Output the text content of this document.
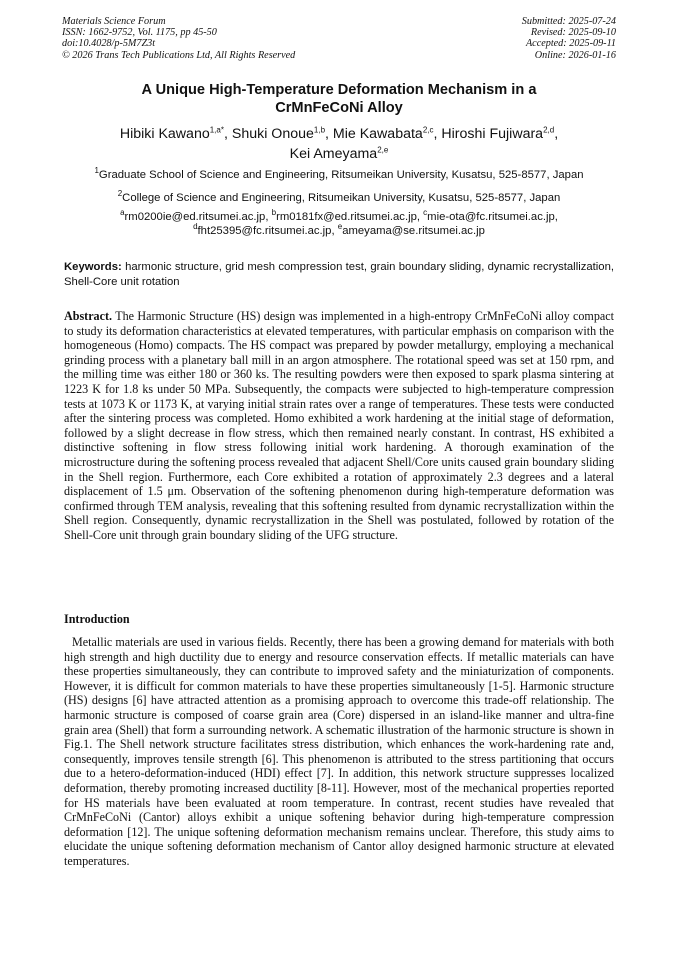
Materials Science Forum
ISSN: 1662-9752, Vol. 1175, pp 45-50
doi:10.4028/p-5M7Z3t
© 2026 Trans Tech Publications Ltd, All Rights Reserved
Submitted: 2025-07-24
Revised: 2025-09-10
Accepted: 2025-09-11
Online: 2026-01-16
A Unique High-Temperature Deformation Mechanism in a
CrMnFeCoNi Alloy
Hibiki Kawano$^{1,a*}$, Shuki Onoue$^{1,b}$, Mie Kawabata$^{2,c}$, Hiroshi Fujiwara$^{2,d}$,
Kei Ameyama$^{2,e}$
$^1$Graduate School of Science and Engineering, Ritsumeikan University, Kusatsu, 525-8577, Japan
$^2$College of Science and Engineering, Ritsumeikan University, Kusatsu, 525-8577, Japan
$^a$rm0200ie@ed.ritsumei.ac.jp, $^b$rm0181fx@ed.ritsumei.ac.jp, $^c$mie-ota@fc.ritsumei.ac.jp,
$^d$fht25395@fc.ritsumei.ac.jp, $^e$ameyama@se.ritsumei.ac.jp
Keywords: harmonic structure, grid mesh compression test, grain boundary sliding, dynamic recrystallization, Shell-Core unit rotation
Abstract. The Harmonic Structure (HS) design was implemented in a high-entropy CrMnFeCoNi alloy compact to study its deformation characteristics at elevated temperatures, with particular emphasis on comparison with the homogeneous (Homo) compacts. The HS compact was prepared by powder metallurgy, employing a mechanical grinding process with a planetary ball mill in an argon atmosphere. The rotational speed was set at 150 rpm, and the milling time was either 180 or 360 ks. The resulting powders were then exposed to spark plasma sintering at 1223 K for 1.8 ks under 50 MPa. Subsequently, the compacts were subjected to high-temperature compression tests at 1073 K or 1173 K, at varying initial strain rates over a range of temperatures. These tests were conducted after the sintering process was completed. Homo exhibited a work hardening at the initial stage of deformation, followed by a slight decrease in flow stress, which then remained nearly constant. In contrast, HS exhibited a distinctive softening in flow stress following initial work hardening. A thorough examination of the microstructure during the softening process revealed that adjacent Shell/Core units caused grain boundary sliding in the Shell region. Furthermore, each Core exhibited a rotation of approximately 2.3 degrees and a lateral displacement of 1.5 μm. Observation of the softening phenomenon during high-temperature deformation was confirmed through TEM analysis, revealing that this softening resulted from dynamic recrystallization within the Shell region. Consequently, dynamic recrystallization in the Shell was postulated, followed by rotation of the Shell-Core unit through grain boundary sliding of the UFG structure.
Introduction
Metallic materials are used in various fields. Recently, there has been a growing demand for materials with both high strength and high ductility due to energy and resource conservation effects. If metallic materials can have these properties simultaneously, they can contribute to improved safety and the miniaturization of components. However, it is difficult for common materials to have these properties simultaneously [1-5]. Harmonic structure (HS) designs [6] have attracted attention as a promising approach to overcome this trade-off relationship. The harmonic structure is composed of coarse grain area (Core) dispersed in an island-like manner and ultra-fine grain area (Shell) that form a surrounding network. A schematic illustration of the harmonic structure is shown in Fig.1. The Shell network structure facilitates stress distribution, which enhances the work-hardening rate and, consequently, improves tensile strength [6]. This phenomenon is attributed to the stress partitioning that occurs due to a hetero-deformation-induced (HDI) effect [7]. In addition, this network structure suppresses localized deformation, thereby promoting increased ductility [8-11]. However, most of the mechanical properties reported for HS materials have been evaluated at room temperature. In contrast, recent studies have revealed that CrMnFeCoNi (Cantor) alloys exhibit a unique softening behavior during high-temperature compression deformation [12]. The unique softening deformation mechanism remains unclear. Therefore, this study aims to elucidate the unique softening deformation mechanism of Cantor alloy designed harmonic structure at elevated temperatures.
